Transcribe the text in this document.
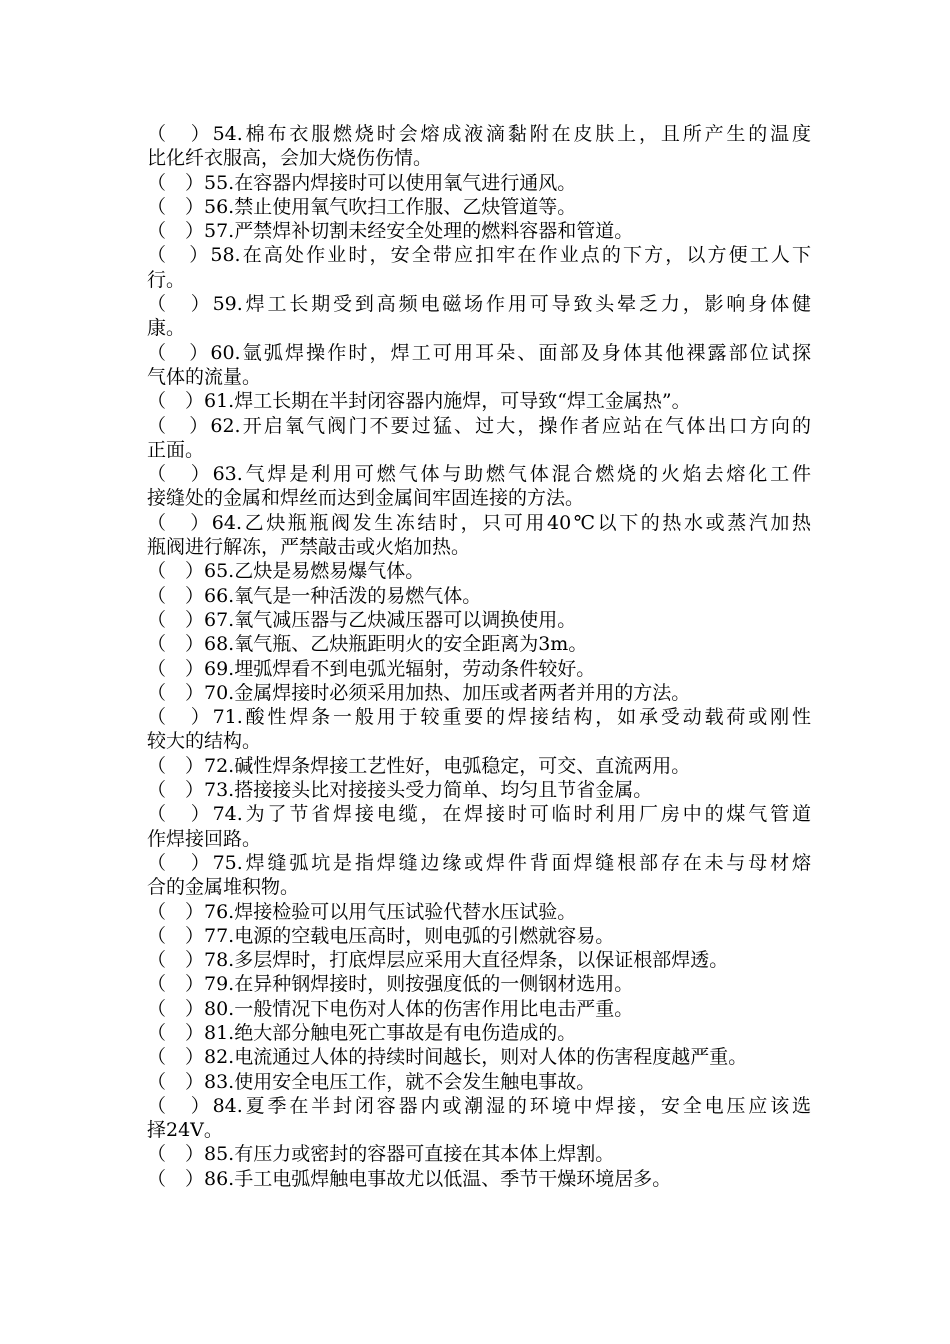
（　）54.棉布衣服燃烧时会熔成液滴黏附在皮肤上，且所产生的温度
比化纤衣服高，会加大烧伤伤情。
（　）55.在容器内焊接时可以使用氧气进行通风。
（　）56.禁止使用氧气吹扫工作服、乙炔管道等。
（　）57.严禁焊补切割未经安全处理的燃料容器和管道。
（　）58.在高处作业时，安全带应扣牢在作业点的下方，以方便工人下
行。
（　）59.焊工长期受到高频电磁场作用可导致头晕乏力，影响身体健
康。
（　）60.氩弧焊操作时，焊工可用耳朵、面部及身体其他裸露部位试探
气体的流量。
（　）61.焊工长期在半封闭容器内施焊，可导致“焊工金属热”。
（　）62.开启氧气阀门不要过猛、过大，操作者应站在气体出口方向的
正面。
（　）63.气焊是利用可燃气体与助燃气体混合燃烧的火焰去熔化工件
接缝处的金属和焊丝而达到金属间牢固连接的方法。
（　）64.乙炔瓶瓶阀发生冻结时，只可用40℃以下的热水或蒸汽加热
瓶阀进行解冻，严禁敲击或火焰加热。
（　）65.乙炔是易燃易爆气体。
（　）66.氧气是一种活泼的易燃气体。
（　）67.氧气减压器与乙炔减压器可以调换使用。
（　）68.氧气瓶、乙炔瓶距明火的安全距离为3m。
（　）69.埋弧焊看不到电弧光辐射，劳动条件较好。
（　）70.金属焊接时必须采用加热、加压或者两者并用的方法。
（　）71.酸性焊条一般用于较重要的焊接结构，如承受动载荷或刚性
较大的结构。
（　）72.碱性焊条焊接工艺性好，电弧稳定，可交、直流两用。
（　）73.搭接接头比对接接头受力简单、均匀且节省金属。
（　）74.为了节省焊接电缆，在焊接时可临时利用厂房中的煤气管道
作焊接回路。
（　）75.焊缝弧坑是指焊缝边缘或焊件背面焊缝根部存在未与母材熔
合的金属堆积物。
（　）76.焊接检验可以用气压试验代替水压试验。
（　）77.电源的空载电压高时，则电弧的引燃就容易。
（　）78.多层焊时，打底焊层应采用大直径焊条，以保证根部焊透。
（　）79.在异种钢焊接时，则按强度低的一侧钢材选用。
（　）80.一般情况下电伤对人体的伤害作用比电击严重。
（　）81.绝大部分触电死亡事故是有电伤造成的。
（　）82.电流通过人体的持续时间越长，则对人体的伤害程度越严重。
（　）83.使用安全电压工作，就不会发生触电事故。
（　）84.夏季在半封闭容器内或潮湿的环境中焊接，安全电压应该选
择24V。
（　）85.有压力或密封的容器可直接在其本体上焊割。
（　）86.手工电弧焊触电事故尤以低温、季节干燥环境居多。
